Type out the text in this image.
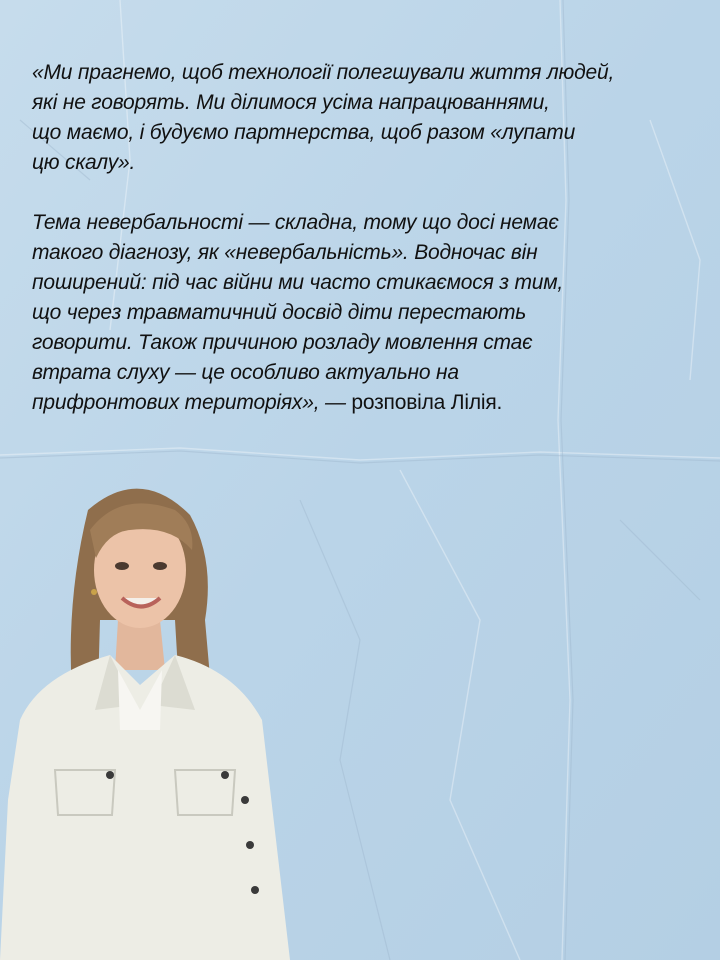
«Ми прагнемо, щоб технології полегшували життя людей,
які не говорять. Ми ділимося усіма напрацюваннями,
що маємо, і будуємо партнерства, щоб разом «лупати
цю скалу».
Тема невербальності — складна, тому що досі немає
такого діагнозу, як «невербальність». Водночас він
поширений: під час війни ми часто стикаємося з тим,
що через травматичний досвід діти перестають
говорити. Також причиною розладу мовлення стає
втрата слуху — це особливо актуально на
прифронтових територіях», — розповіла Лілія.
